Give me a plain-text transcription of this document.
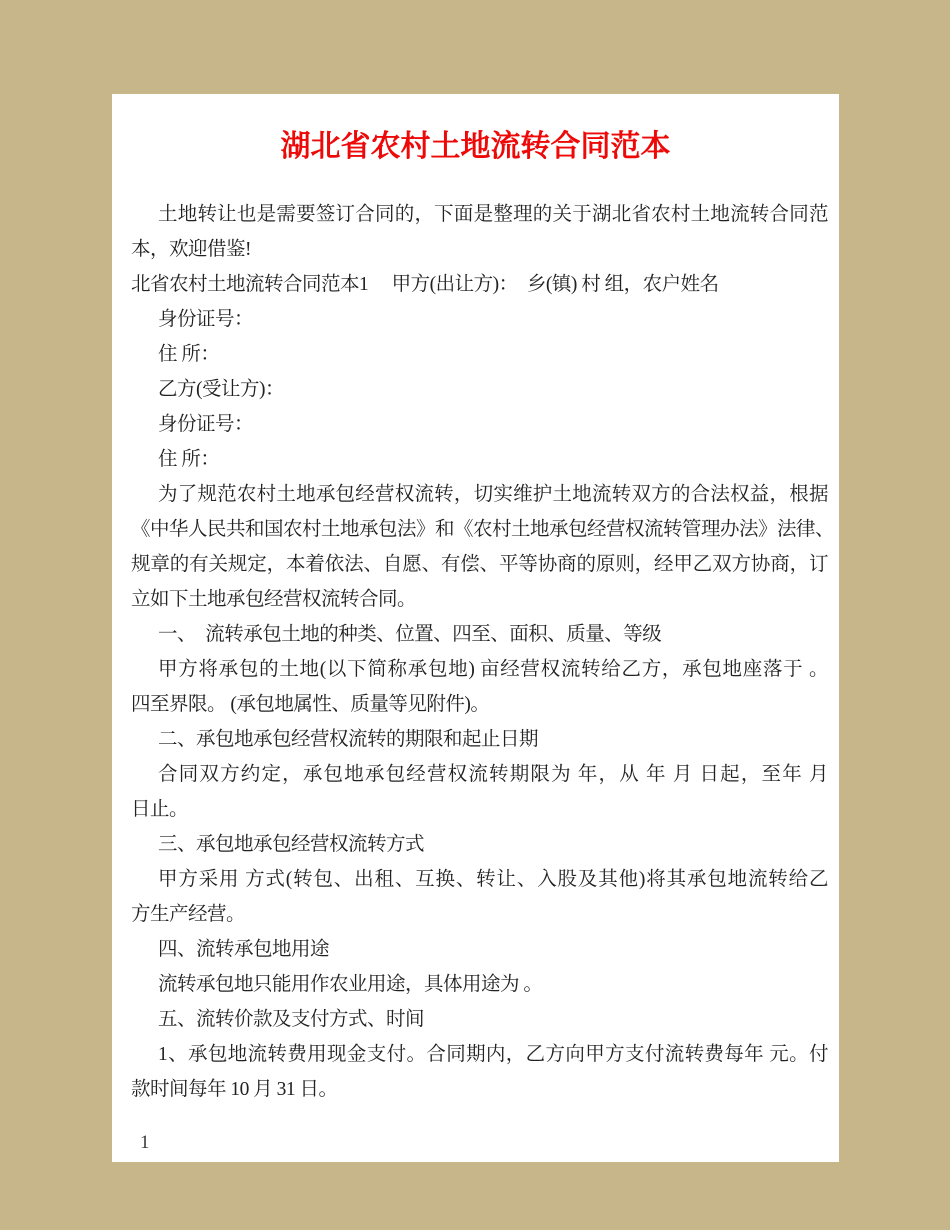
湖北省农村土地流转合同范本
土地转让也是需要签订合同的，下面是整理的关于湖北省农村土地流转合同范
本，欢迎借鉴!
北省农村土地流转合同范本1　 甲方(出让方)：　乡(镇) 村 组，农户姓名
身份证号：
住 所：
乙方(受让方)：
身份证号：
住 所：
为了规范农村土地承包经营权流转，切实维护土地流转双方的合法权益，根据
《中华人民共和国农村土地承包法》和《农村土地承包经营权流转管理办法》法律、
规章的有关规定，本着依法、自愿、有偿、平等协商的原则，经甲乙双方协商，订
立如下土地承包经营权流转合同。
一、　流转承包土地的种类、位置、四至、面积、质量、等级
甲方将承包的土地(以下简称承包地) 亩经营权流转给乙方，承包地座落于 。
四至界限。 (承包地属性、质量等见附件)。
二、承包地承包经营权流转的期限和起止日期
合同双方约定，承包地承包经营权流转期限为 年，从 年 月 日起，至年 月
日止。
三、承包地承包经营权流转方式
甲方采用 方式(转包、出租、互换、转让、入股及其他)将其承包地流转给乙
方生产经营。
四、流转承包地用途
流转承包地只能用作农业用途，具体用途为 。
五、流转价款及支付方式、时间
1、承包地流转费用现金支付。合同期内，乙方向甲方支付流转费每年 元。付
款时间每年 10 月 31 日。
1
